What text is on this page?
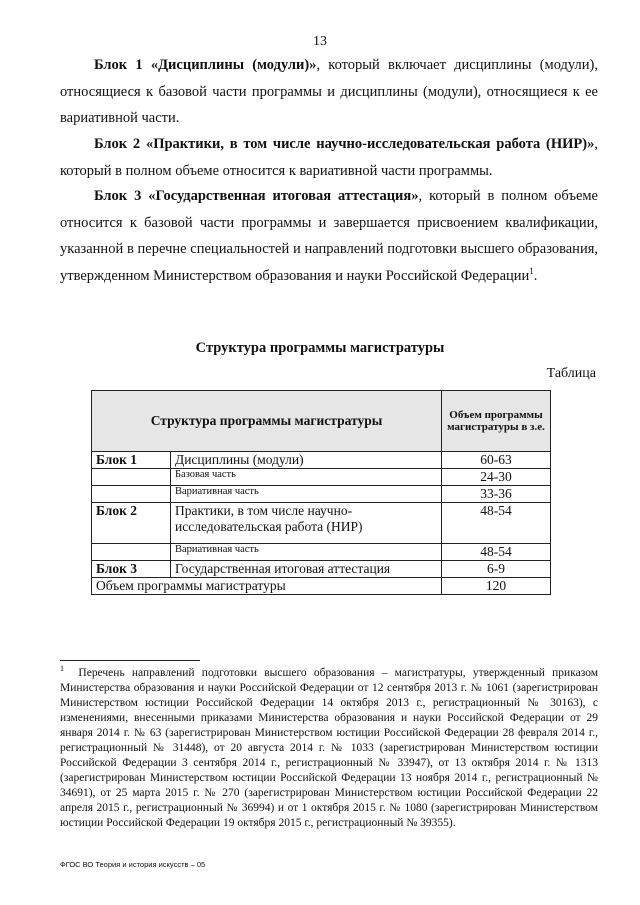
13
Блок 1 «Дисциплины (модули)», который включает дисциплины (модули), относящиеся к базовой части программы и дисциплины (модули), относящиеся к ее вариативной части.
Блок 2 «Практики, в том числе научно-исследовательская работа (НИР)», который в полном объеме относится к вариативной части программы.
Блок 3 «Государственная итоговая аттестация», который в полном объеме относится к базовой части программы и завершается присвоением квалификации, указанной в перечне специальностей и направлений подготовки высшего образования, утвержденном Министерством образования и науки Российской Федерации$^1$.
Структура программы магистратуры
Таблица
Структура программы магистратуры		Объем программы магистратуры в з.е.
Блок 1	Дисциплины (модули)	60-63
	Базовая часть	24-30
	Вариативная часть	33-36
Блок 2	Практики, в том числе научно-исследовательская работа (НИР)	48-54
	Вариативная часть	48-54
Блок 3	Государственная итоговая аттестация	6-9
Объем программы магистратуры		120
$^1$ Перечень направлений подготовки высшего образования – магистратуры, утвержденный приказом Министерства образования и науки Российской Федерации от 12 сентября 2013 г. № 1061 (зарегистрирован Министерством юстиции Российской Федерации 14 октября 2013 г., регистрационный № 30163), с изменениями, внесенными приказами Министерства образования и науки Российской Федерации от 29 января 2014 г. № 63 (зарегистрирован Министерством юстиции Российской Федерации 28 февраля 2014 г., регистрационный № 31448), от 20 августа 2014 г. № 1033 (зарегистрирован Министерством юстиции Российской Федерации 3 сентября 2014 г., регистрационный № 33947), от 13 октября 2014 г. № 1313 (зарегистрирован Министерством юстиции Российской Федерации 13 ноября 2014 г., регистрационный № 34691), от 25 марта 2015 г. № 270 (зарегистрирован Министерством юстиции Российской Федерации 22 апреля 2015 г., регистрационный № 36994) и от 1 октября 2015 г. № 1080 (зарегистрирован Министерством юстиции Российской Федерации 19 октября 2015 г., регистрационный № 39355).
ФГОС ВО Теория и история искусств – 05
